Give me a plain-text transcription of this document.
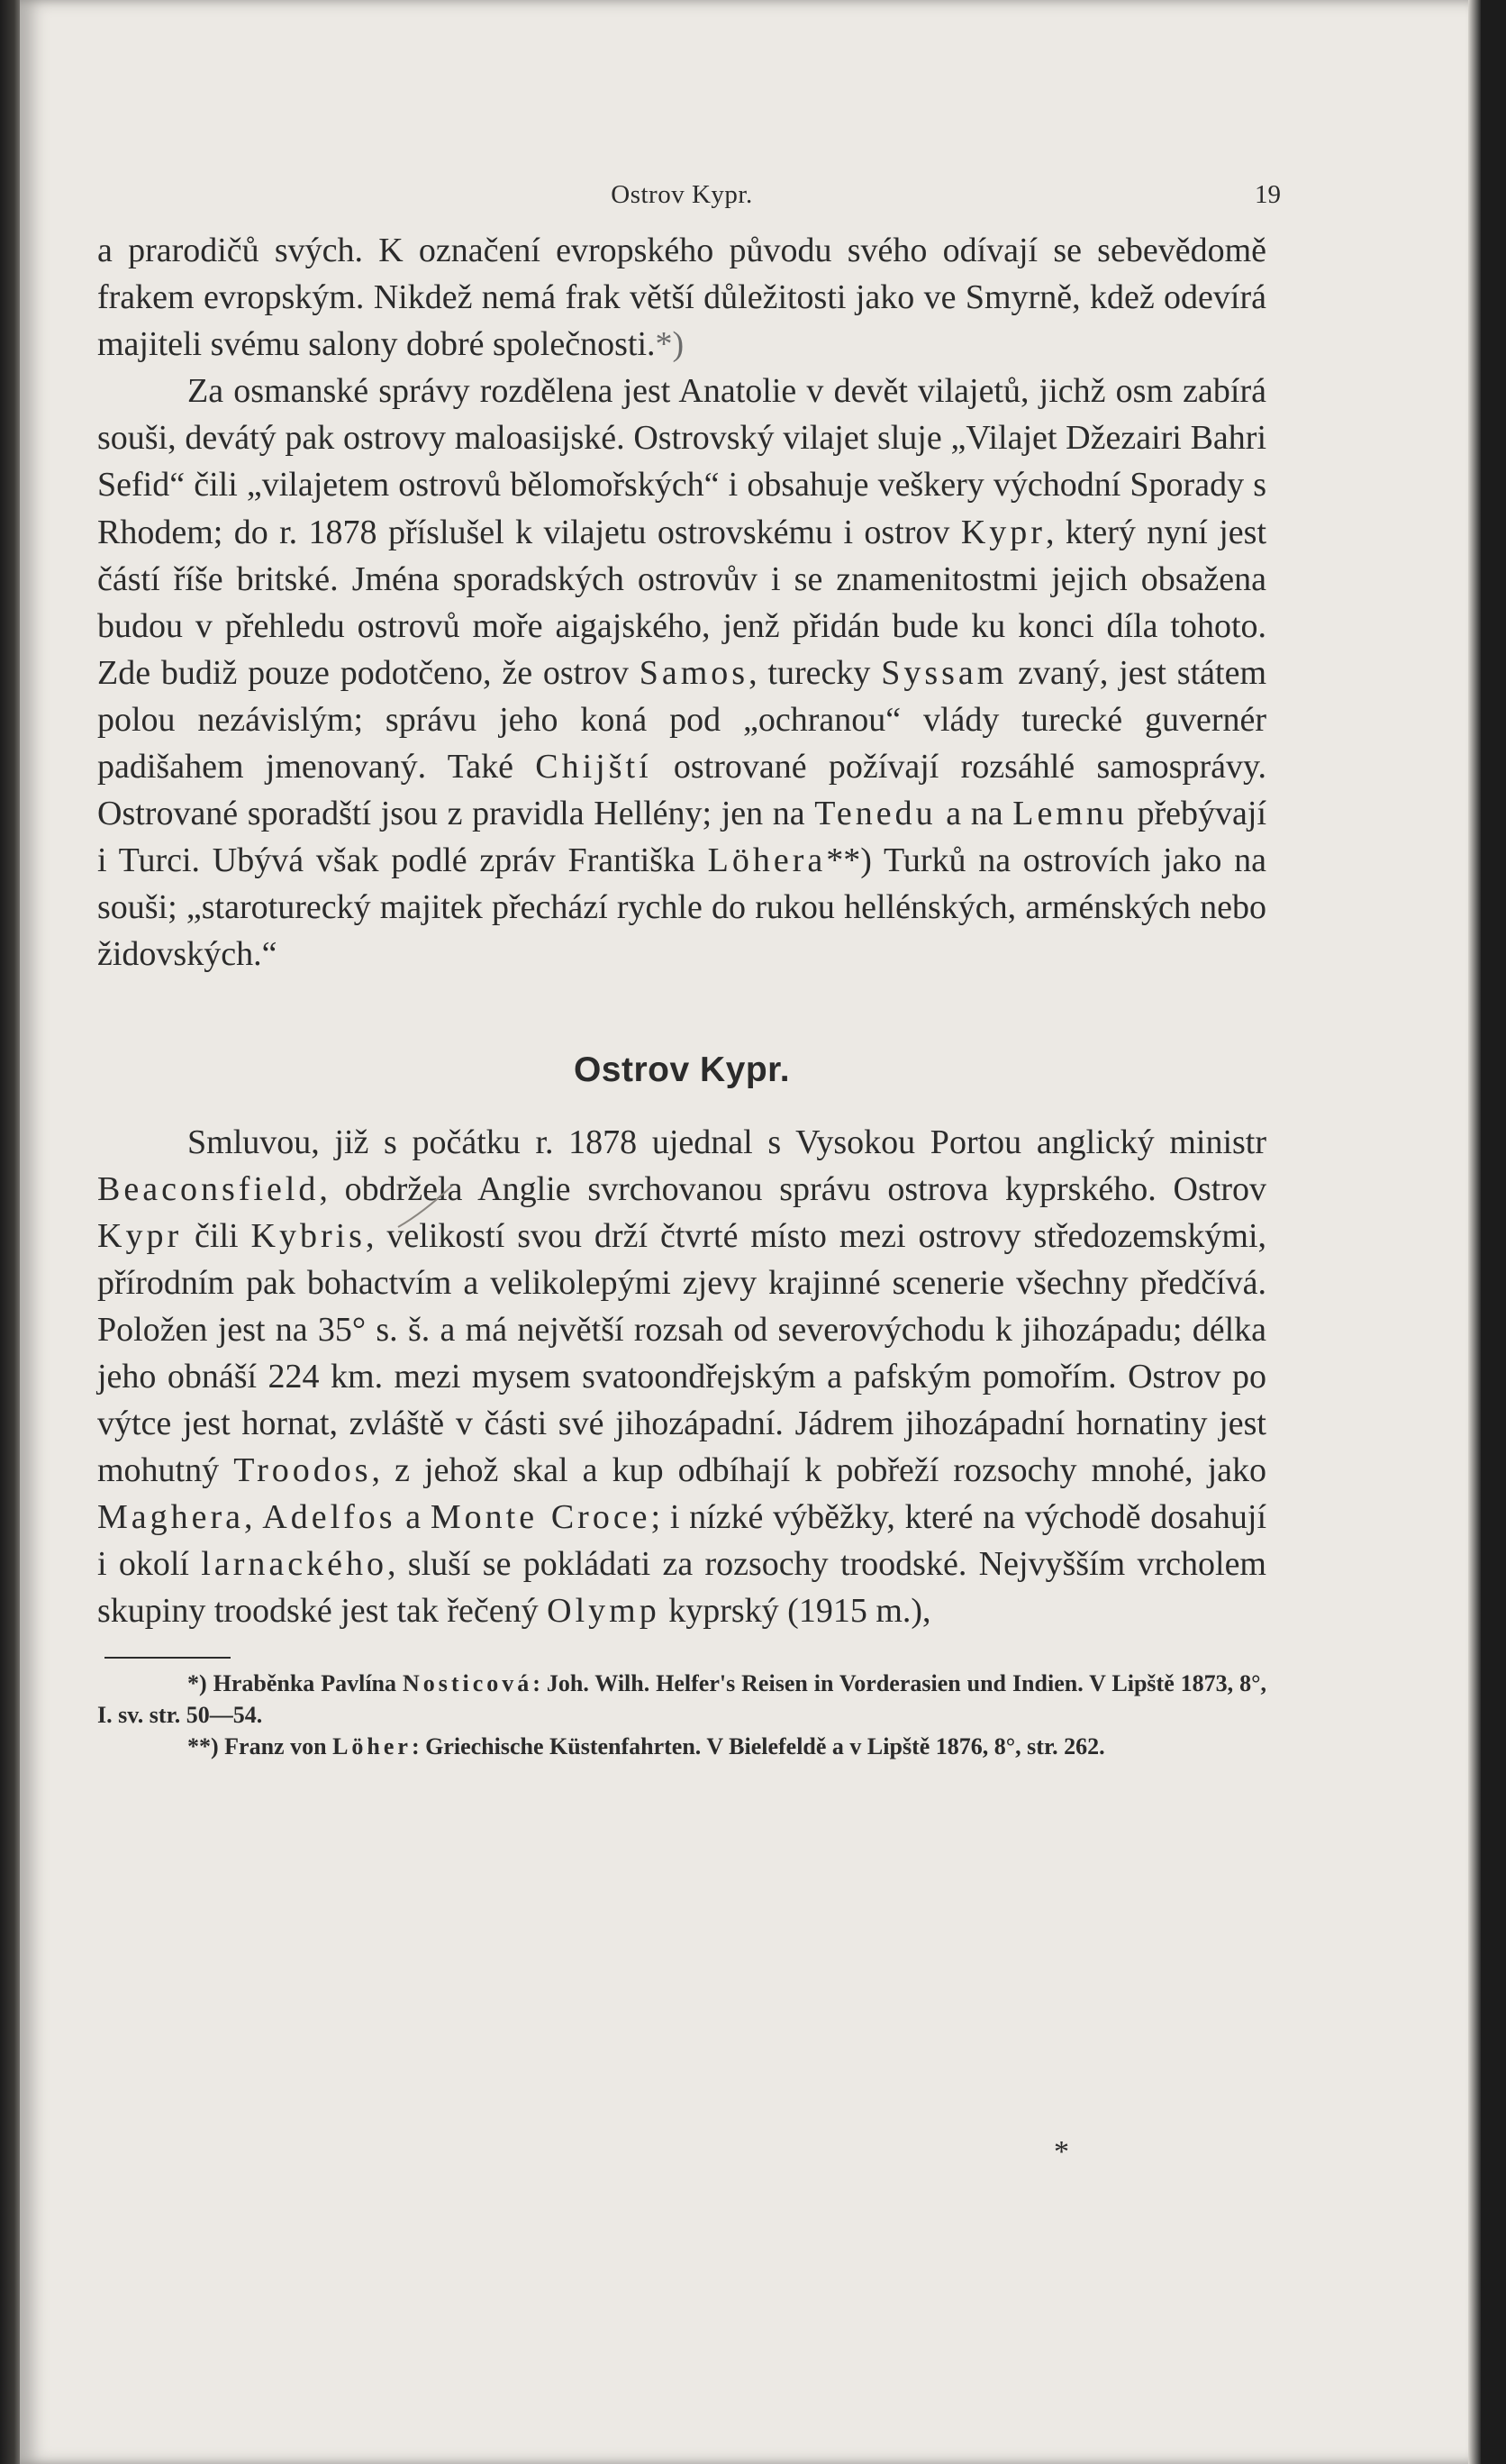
Ostrov Kypr.	19

a prarodičů svých. K označení evropského původu svého odívají se sebevědomě frakem evropským. Nikdež nemá frak větší důležitosti jako ve Smyrně, kdež odevírá majiteli svému salony dobré společnosti.*)

Za osmanské správy rozdělena jest Anatolie v devět vilajetů, jichž osm zabírá souši, devátý pak ostrovy maloasijské. Ostrovský vilajet sluje „Vilajet Džezairi Bahri Sefid“ čili „vilajetem ostrovů bělomořských“ i obsahuje veškery východní Sporady s Rhodem; do r. 1878 příslušel k vilajetu ostrovskému i ostrov Kypr, který nyní jest částí říše britské. Jména sporadských ostrovův i se znamenitostmi jejich obsažena budou v přehledu ostrovů moře aigajského, jenž přidán bude ku konci díla tohoto. Zde budiž pouze podotčeno, že ostrov Samos, turecky Syssam zvaný, jest státem polou nezávislým; správu jeho koná pod „ochranou“ vlády turecké guvernér padišahem jmenovaný. Také Chijští ostrované požívají rozsáhlé samosprávy. Ostrované sporadští jsou z pravidla Hellény; jen na Tenedu a na Lemnu přebývají i Turci. Ubývá však podlé zpráv Františka Löhera**) Turků na ostrovích jako na souši; „staroturecký majitek přechází rychle do rukou hellénských, arménských nebo židovských.“

Ostrov Kypr.

Smluvou, již s počátku r. 1878 ujednal s Vysokou Portou anglický ministr Beaconsfield, obdržela Anglie svrchovanou správu ostrova kyprského. Ostrov Kypr čili Kybris, velikostí svou drží čtvrté místo mezi ostrovy středozemskými, přírodním pak bohactvím a velikolepými zjevy krajinné scenerie všechny předčívá. Položen jest na 35° s. š. a má největší rozsah od severovýchodu k jihozápadu; délka jeho obnáší 224 km. mezi mysem svatoondřejským a pafským pomořím. Ostrov po výtce jest hornat, zvláště v části své jihozápadní. Jádrem jihozápadní hornatiny jest mohutný Troodos, z jehož skal a kup odbíhají k pobřeží rozsochy mnohé, jako Maghera, Adelfos a Monte Croce; i nízké výběžky, které na východě dosahují i okolí larnackého, sluší se pokládati za rozsochy troodské. Nejvyšším vrcholem skupiny troodské jest tak řečený Olymp kyprský (1915 m.),

*) Hraběnka Pavlína Nosticová: Joh. Wilh. Helfer's Reisen in Vorderasien und Indien. V Lipště 1873, 8°, I. sv. str. 50—54.

**) Franz von Löher: Griechische Küstenfahrten. V Bielefeldě a v Lipště 1876, 8°, str. 262.

*
